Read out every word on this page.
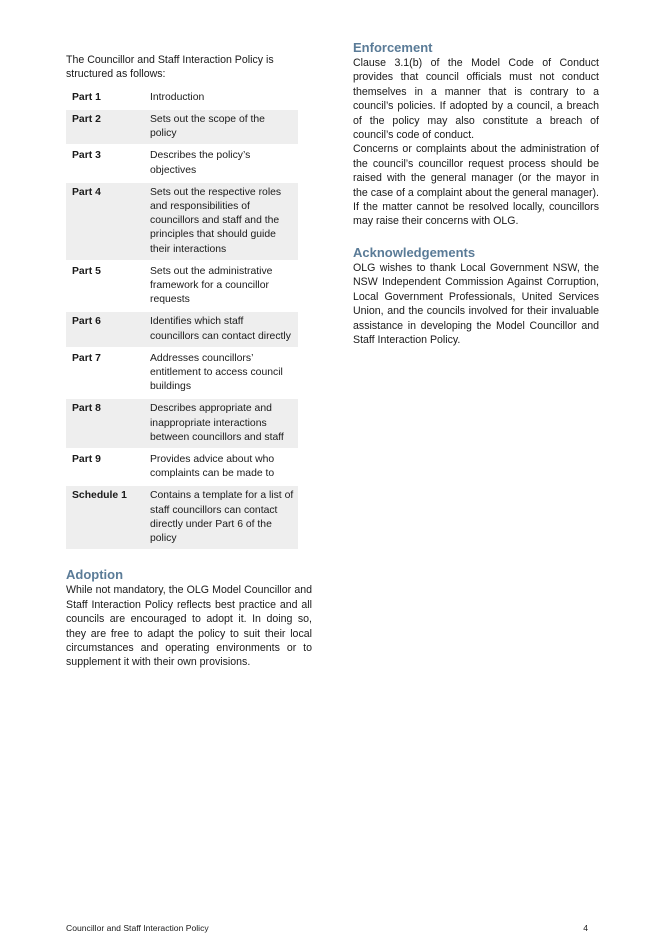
The Councillor and Staff Interaction Policy is structured as follows:

Part 1	Introduction
Part 2	Sets out the scope of the policy
Part 3	Describes the policy’s objectives
Part 4	Sets out the respective roles and responsibilities of councillors and staff and the principles that should guide their interactions
Part 5	Sets out the administrative framework for a councillor requests
Part 6	Identifies which staff councillors can contact directly
Part 7	Addresses councillors’ entitlement to access council buildings
Part 8	Describes appropriate and inappropriate interactions between councillors and staff
Part 9	Provides advice about who complaints can be made to
Schedule 1	Contains a template for a list of staff councillors can contact directly under Part 6 of the policy
Adoption

While not mandatory, the OLG Model Councillor and Staff Interaction Policy reflects best practice and all councils are encouraged to adopt it. In doing so, they are free to adapt the policy to suit their local circumstances and operating environments or to supplement it with their own provisions.

Enforcement

Clause 3.1(b) of the Model Code of Conduct provides that council officials must not conduct themselves in a manner that is contrary to a council’s policies. If adopted by a council, a breach of the policy may also constitute a breach of council’s code of conduct.

Concerns or complaints about the administration of the council’s councillor request process should be raised with the general manager (or the mayor in the case of a complaint about the general manager). If the matter cannot be resolved locally, councillors may raise their concerns with OLG.

Acknowledgements

OLG wishes to thank Local Government NSW, the NSW Independent Commission Against Corruption, Local Government Professionals, United Services Union, and the councils involved for their invaluable assistance in developing the Model Councillor and Staff Interaction Policy.

Councillor and Staff Interaction Policy	4
